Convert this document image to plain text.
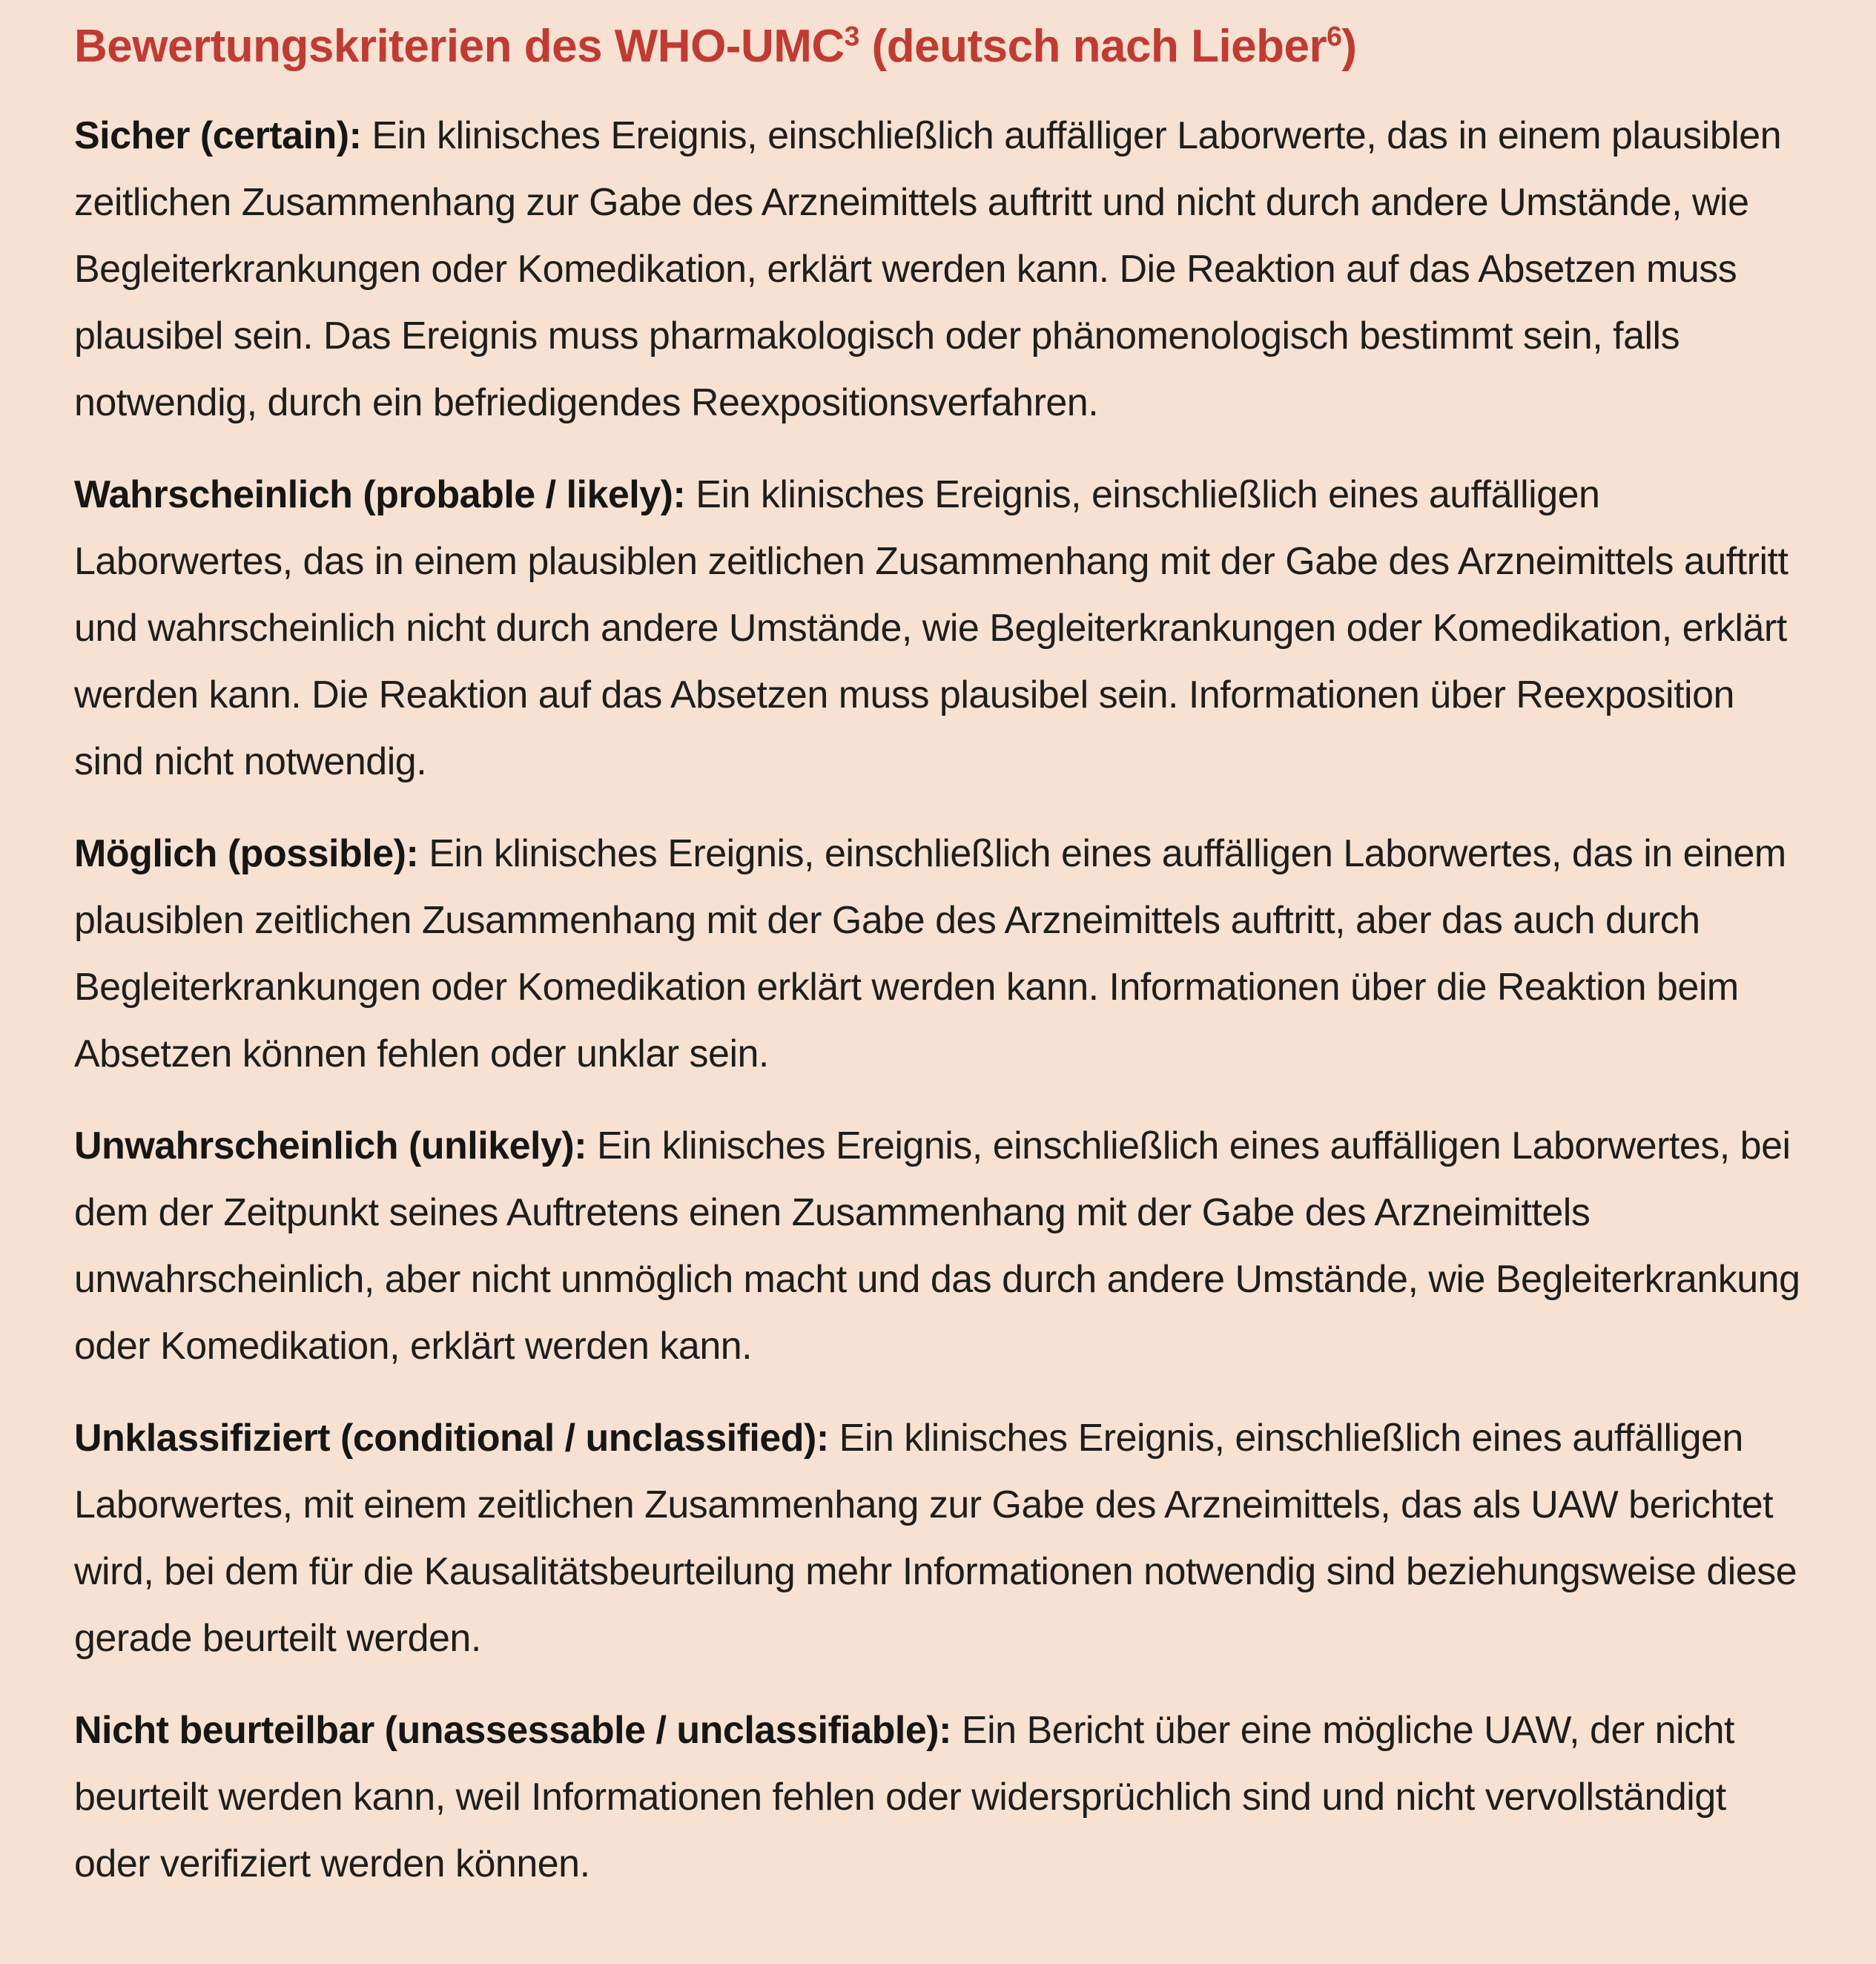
Bewertungskriterien des WHO-UMC$^3$ (deutsch nach Lieber$^6$)

Sicher (certain): Ein klinisches Ereignis, einschließlich auffälliger Laborwerte, das in einem plausiblen zeitlichen Zusammenhang zur Gabe des Arzneimittels auftritt und nicht durch andere Umstände, wie Begleiterkrankungen oder Komedikation, erklärt werden kann. Die Reaktion auf das Absetzen muss plausibel sein. Das Ereignis muss pharmakologisch oder phänomenologisch bestimmt sein, falls notwendig, durch ein befriedigendes Reexpositionsverfahren.

Wahrscheinlich (probable / likely): Ein klinisches Ereignis, einschließlich eines auffälligen Laborwertes, das in einem plausiblen zeitlichen Zusammenhang mit der Gabe des Arzneimittels auftritt und wahrscheinlich nicht durch andere Umstände, wie Begleiterkrankungen oder Komedikation, erklärt werden kann. Die Reaktion auf das Absetzen muss plausibel sein. Informationen über Reexposition sind nicht notwendig.

Möglich (possible): Ein klinisches Ereignis, einschließlich eines auffälligen Laborwertes, das in einem plausiblen zeitlichen Zusammenhang mit der Gabe des Arzneimittels auftritt, aber das auch durch Begleiterkrankungen oder Komedikation erklärt werden kann. Informationen über die Reaktion beim Absetzen können fehlen oder unklar sein.

Unwahrscheinlich (unlikely): Ein klinisches Ereignis, einschließlich eines auffälligen Laborwertes, bei dem der Zeitpunkt seines Auftretens einen Zusammenhang mit der Gabe des Arzneimittels unwahrscheinlich, aber nicht unmöglich macht und das durch andere Umstände, wie Begleiterkrankung oder Komedikation, erklärt werden kann.

Unklassifiziert (conditional / unclassified): Ein klinisches Ereignis, einschließlich eines auffälligen Laborwertes, mit einem zeitlichen Zusammenhang zur Gabe des Arzneimittels, das als UAW berichtet wird, bei dem für die Kausalitätsbeurteilung mehr Informationen notwendig sind beziehungsweise diese gerade beurteilt werden.

Nicht beurteilbar (unassessable / unclassifiable): Ein Bericht über eine mögliche UAW, der nicht beurteilt werden kann, weil Informationen fehlen oder widersprüchlich sind und nicht vervollständigt oder verifiziert werden können.
